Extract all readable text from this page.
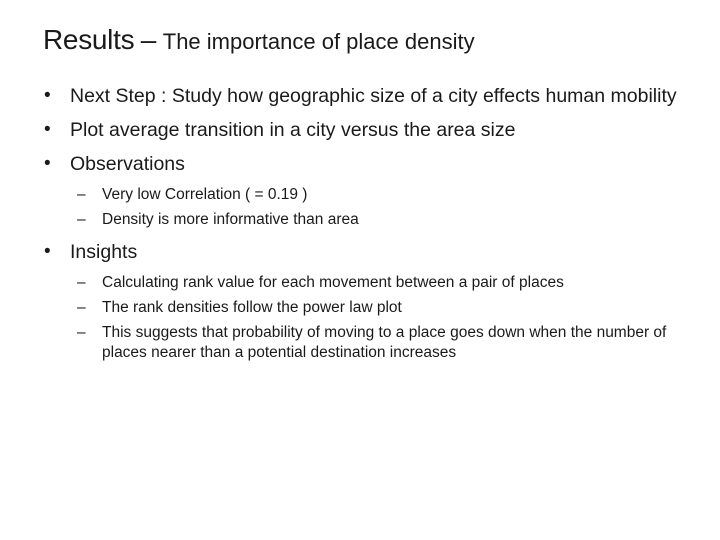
Results – The importance of place density
• Next Step : Study how geographic size of a city effects human mobility
• Plot average transition in a city versus the area size
• Observations
– Very low Correlation ( = 0.19 )
– Density is more informative than area
• Insights
– Calculating rank value for each movement between a pair of places
– The rank densities follow the power law plot
– This suggests that probability of moving to a place goes down when the number of places nearer than a potential destination increases
